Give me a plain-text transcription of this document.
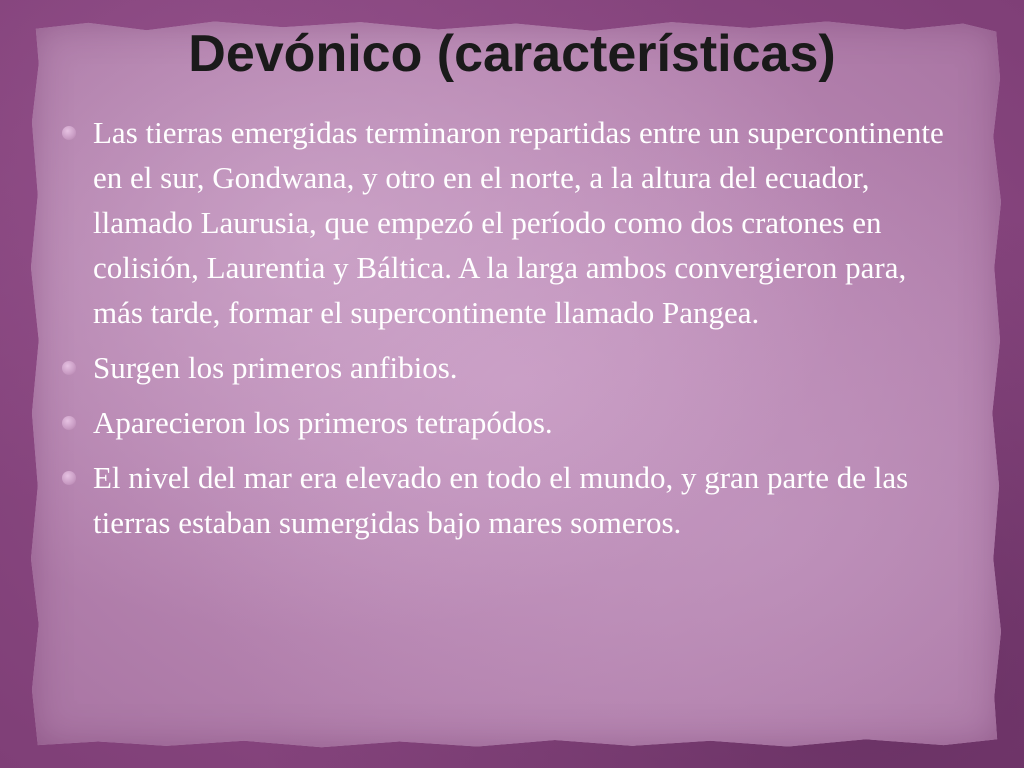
Devónico (características)
Las tierras emergidas terminaron repartidas entre un supercontinente en el sur, Gondwana, y otro en el norte, a la altura del ecuador, llamado Laurusia, que empezó el período como dos cratones en colisión, Laurentia y Báltica. A la larga ambos convergieron para, más tarde, formar el supercontinente llamado Pangea.
Surgen los primeros anfibios.
Aparecieron los primeros tetrapódos.
El nivel del mar era elevado en todo el mundo, y gran parte de las tierras estaban sumergidas bajo mares someros.
